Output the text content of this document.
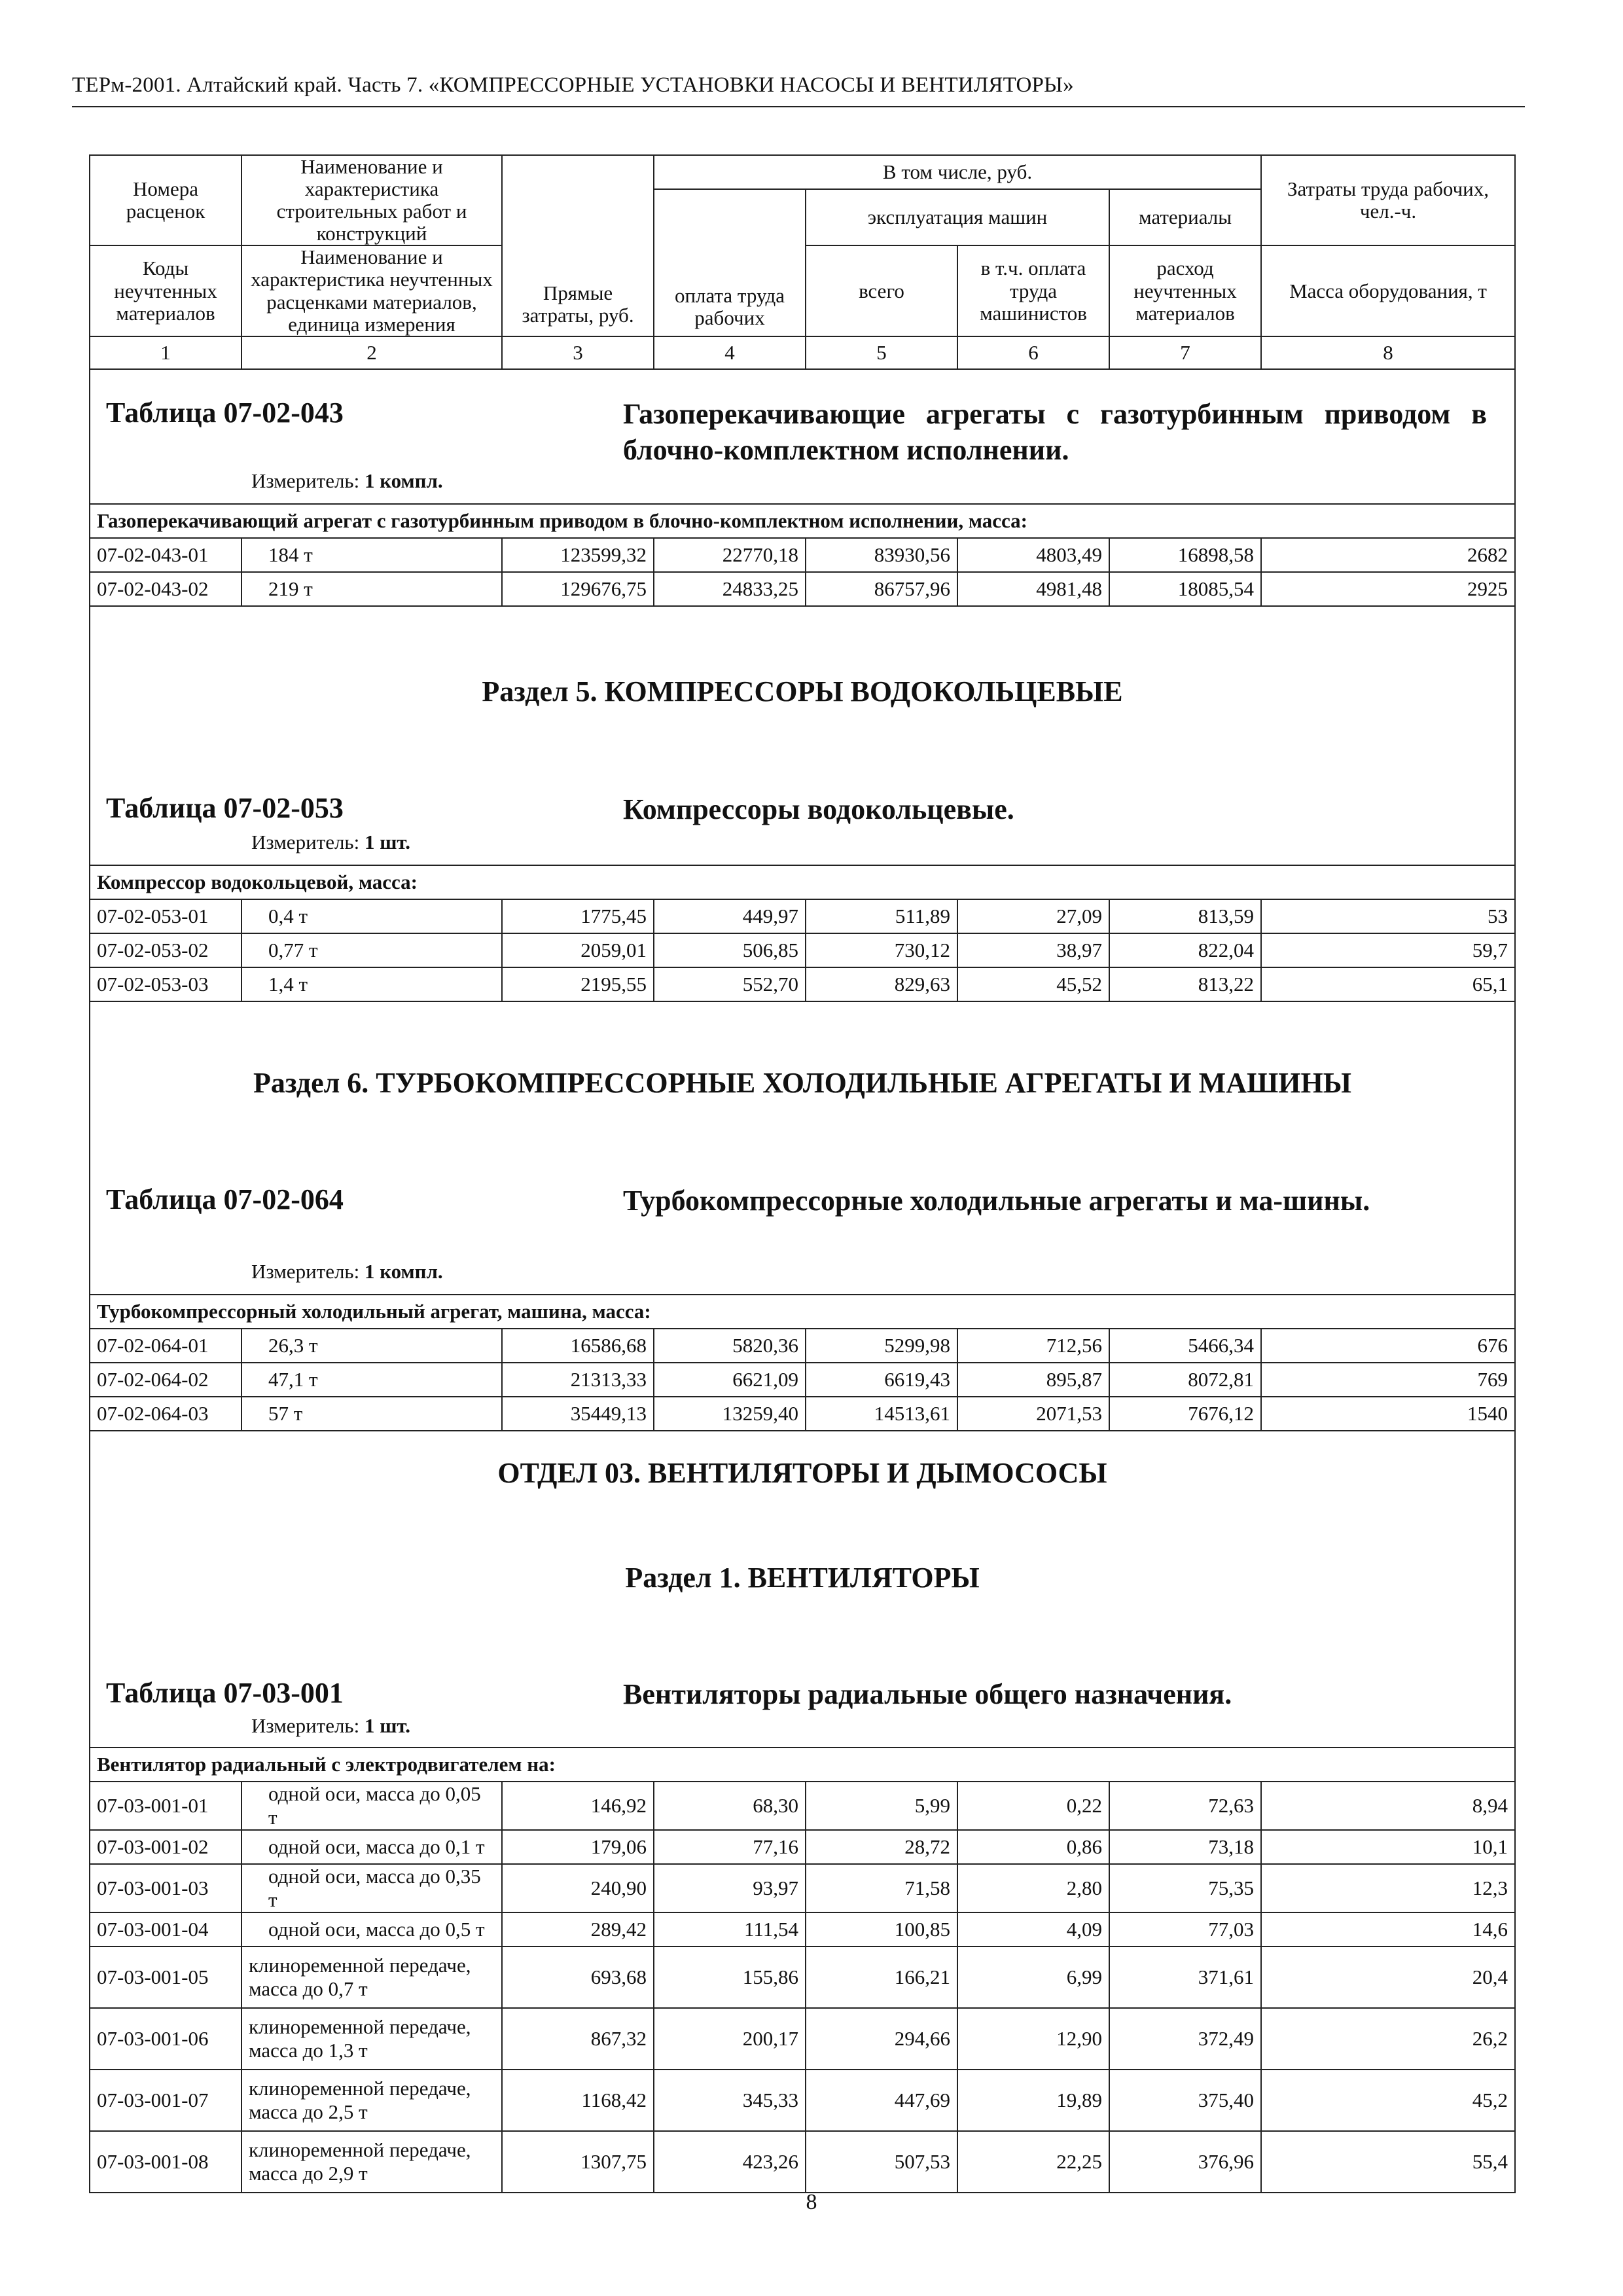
ТЕРм-2001. Алтайский край. Часть 7. «КОМПРЕССОРНЫЕ УСТАНОВКИ НАСОСЫ И ВЕНТИЛЯТОРЫ»
Номера расценок	Наименование и характеристика строительных работ и конструкций	Прямые затраты, руб.	В том числе, руб.				Затраты труда рабочих, чел.-ч.
			оплата труда рабочих	эксплуатация машин		материалы	
Коды неучтенных материалов	Наименование и характеристика неучтенных расценками материалов, единица измерения			всего	в т.ч. оплата труда машинистов	расход неучтенных материалов	Масса оборудования, т
1	2	3	4	5	6	7	8

Таблица 07-02-043 Газоперекачивающие агрегаты с газотурбинным приводом в блочно-комплектном исполнении.
Измеритель: 1 компл.							

Газоперекачивающий агрегат с газотурбинным приводом в блочно-комплектном исполнении, масса:							
07-02-043-01	184 т	123599,32	22770,18	83930,56	4803,49	16898,58	2682
07-02-043-02	219 т	129676,75	24833,25	86757,96	4981,48	18085,54	2925

Раздел 5. КОМПРЕССОРЫ ВОДОКОЛЬЦЕВЫЕ
Таблица 07-02-053 Компрессоры водокольцевые.
Измеритель: 1 шт.							

Компрессор водокольцевой, масса:							
07-02-053-01	0,4 т	1775,45	449,97	511,89	27,09	813,59	53
07-02-053-02	0,77 т	2059,01	506,85	730,12	38,97	822,04	59,7
07-02-053-03	1,4 т	2195,55	552,70	829,63	45,52	813,22	65,1

Раздел 6. ТУРБОКОМПРЕССОРНЫЕ ХОЛОДИЛЬНЫЕ АГРЕГАТЫ И МАШИНЫ
Таблица 07-02-064 Турбокомпрессорные холодильные агрегаты и ма-шины.
Измеритель: 1 компл.							

Турбокомпрессорный холодильный агрегат, машина, масса:							
07-02-064-01	26,3 т	16586,68	5820,36	5299,98	712,56	5466,34	676
07-02-064-02	47,1 т	21313,33	6621,09	6619,43	895,87	8072,81	769
07-02-064-03	57 т	35449,13	13259,40	14513,61	2071,53	7676,12	1540

ОТДЕЛ 03. ВЕНТИЛЯТОРЫ И ДЫМОСОСЫ
Раздел 1. ВЕНТИЛЯТОРЫ
Таблица 07-03-001 Вентиляторы радиальные общего назначения.
Измеритель: 1 шт.							

Вентилятор радиальный с электродвигателем на:							
07-03-001-01	одной оси, масса до 0,05 т	146,92	68,30	5,99	0,22	72,63	8,94
07-03-001-02	одной оси, масса до 0,1 т	179,06	77,16	28,72	0,86	73,18	10,1
07-03-001-03	одной оси, масса до 0,35 т	240,90	93,97	71,58	2,80	75,35	12,3
07-03-001-04	одной оси, масса до 0,5 т	289,42	111,54	100,85	4,09	77,03	14,6
07-03-001-05	клиноременной передаче, масса до 0,7 т	693,68	155,86	166,21	6,99	371,61	20,4
07-03-001-06	клиноременной передаче, масса до 1,3 т	867,32	200,17	294,66	12,90	372,49	26,2
07-03-001-07	клиноременной передаче, масса до 2,5 т	1168,42	345,33	447,69	19,89	375,40	45,2
07-03-001-08	клиноременной передаче, масса до 2,9 т	1307,75	423,26	507,53	22,25	376,96	55,4
8
